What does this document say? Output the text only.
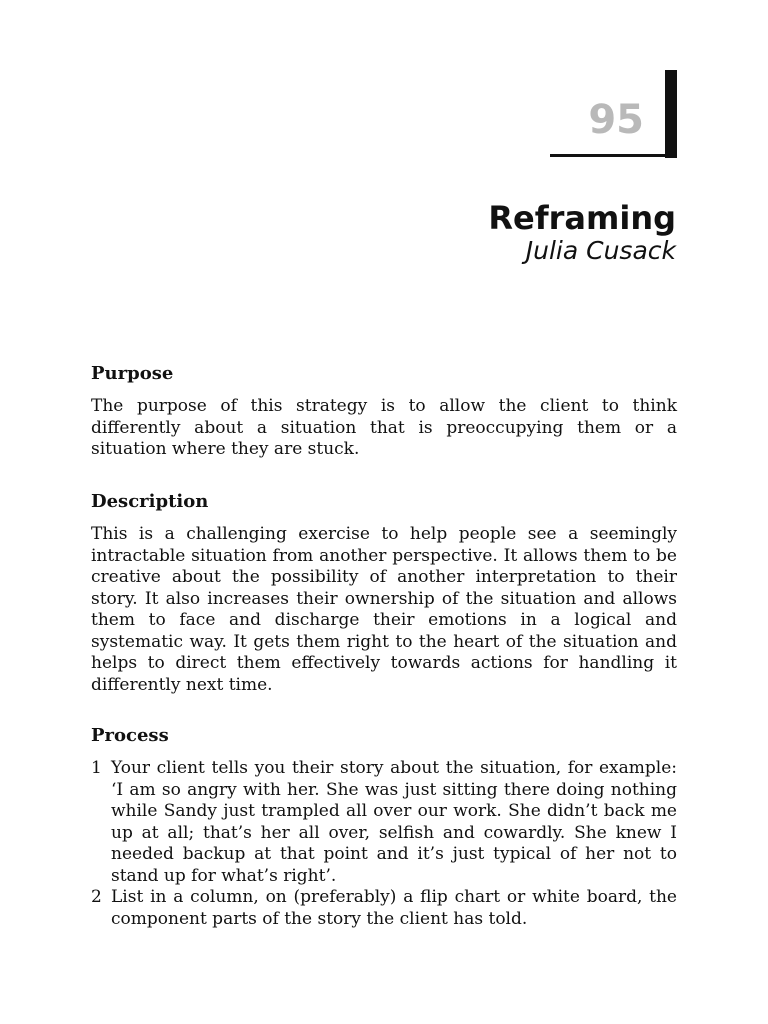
95
Reframing
Julia Cusack
Purpose

The purpose of this strategy is to allow the client to think differently about a situation that is preoccupying them or a situation where they are stuck.

Description

This is a challenging exercise to help people see a seemingly intractable situation from another perspective. It allows them to be creative about the possibility of another interpretation to their story. It also increases their ownership of the situation and allows them to face and discharge their emotions in a logical and systematic way. It gets them right to the heart of the situation and helps to direct them effectively towards actions for handling it differently next time.

Process
1 Your client tells you their story about the situation, for example: ‘I am so angry with her. She was just sitting there doing nothing while Sandy just trampled all over our work. She didn’t back me up at all; that’s her all over, selfish and cowardly. She knew I needed backup at that point and it’s just typical of her not to stand up for what’s right’.
2 List in a column, on (preferably) a flip chart or white board, the component parts of the story the client has told.
